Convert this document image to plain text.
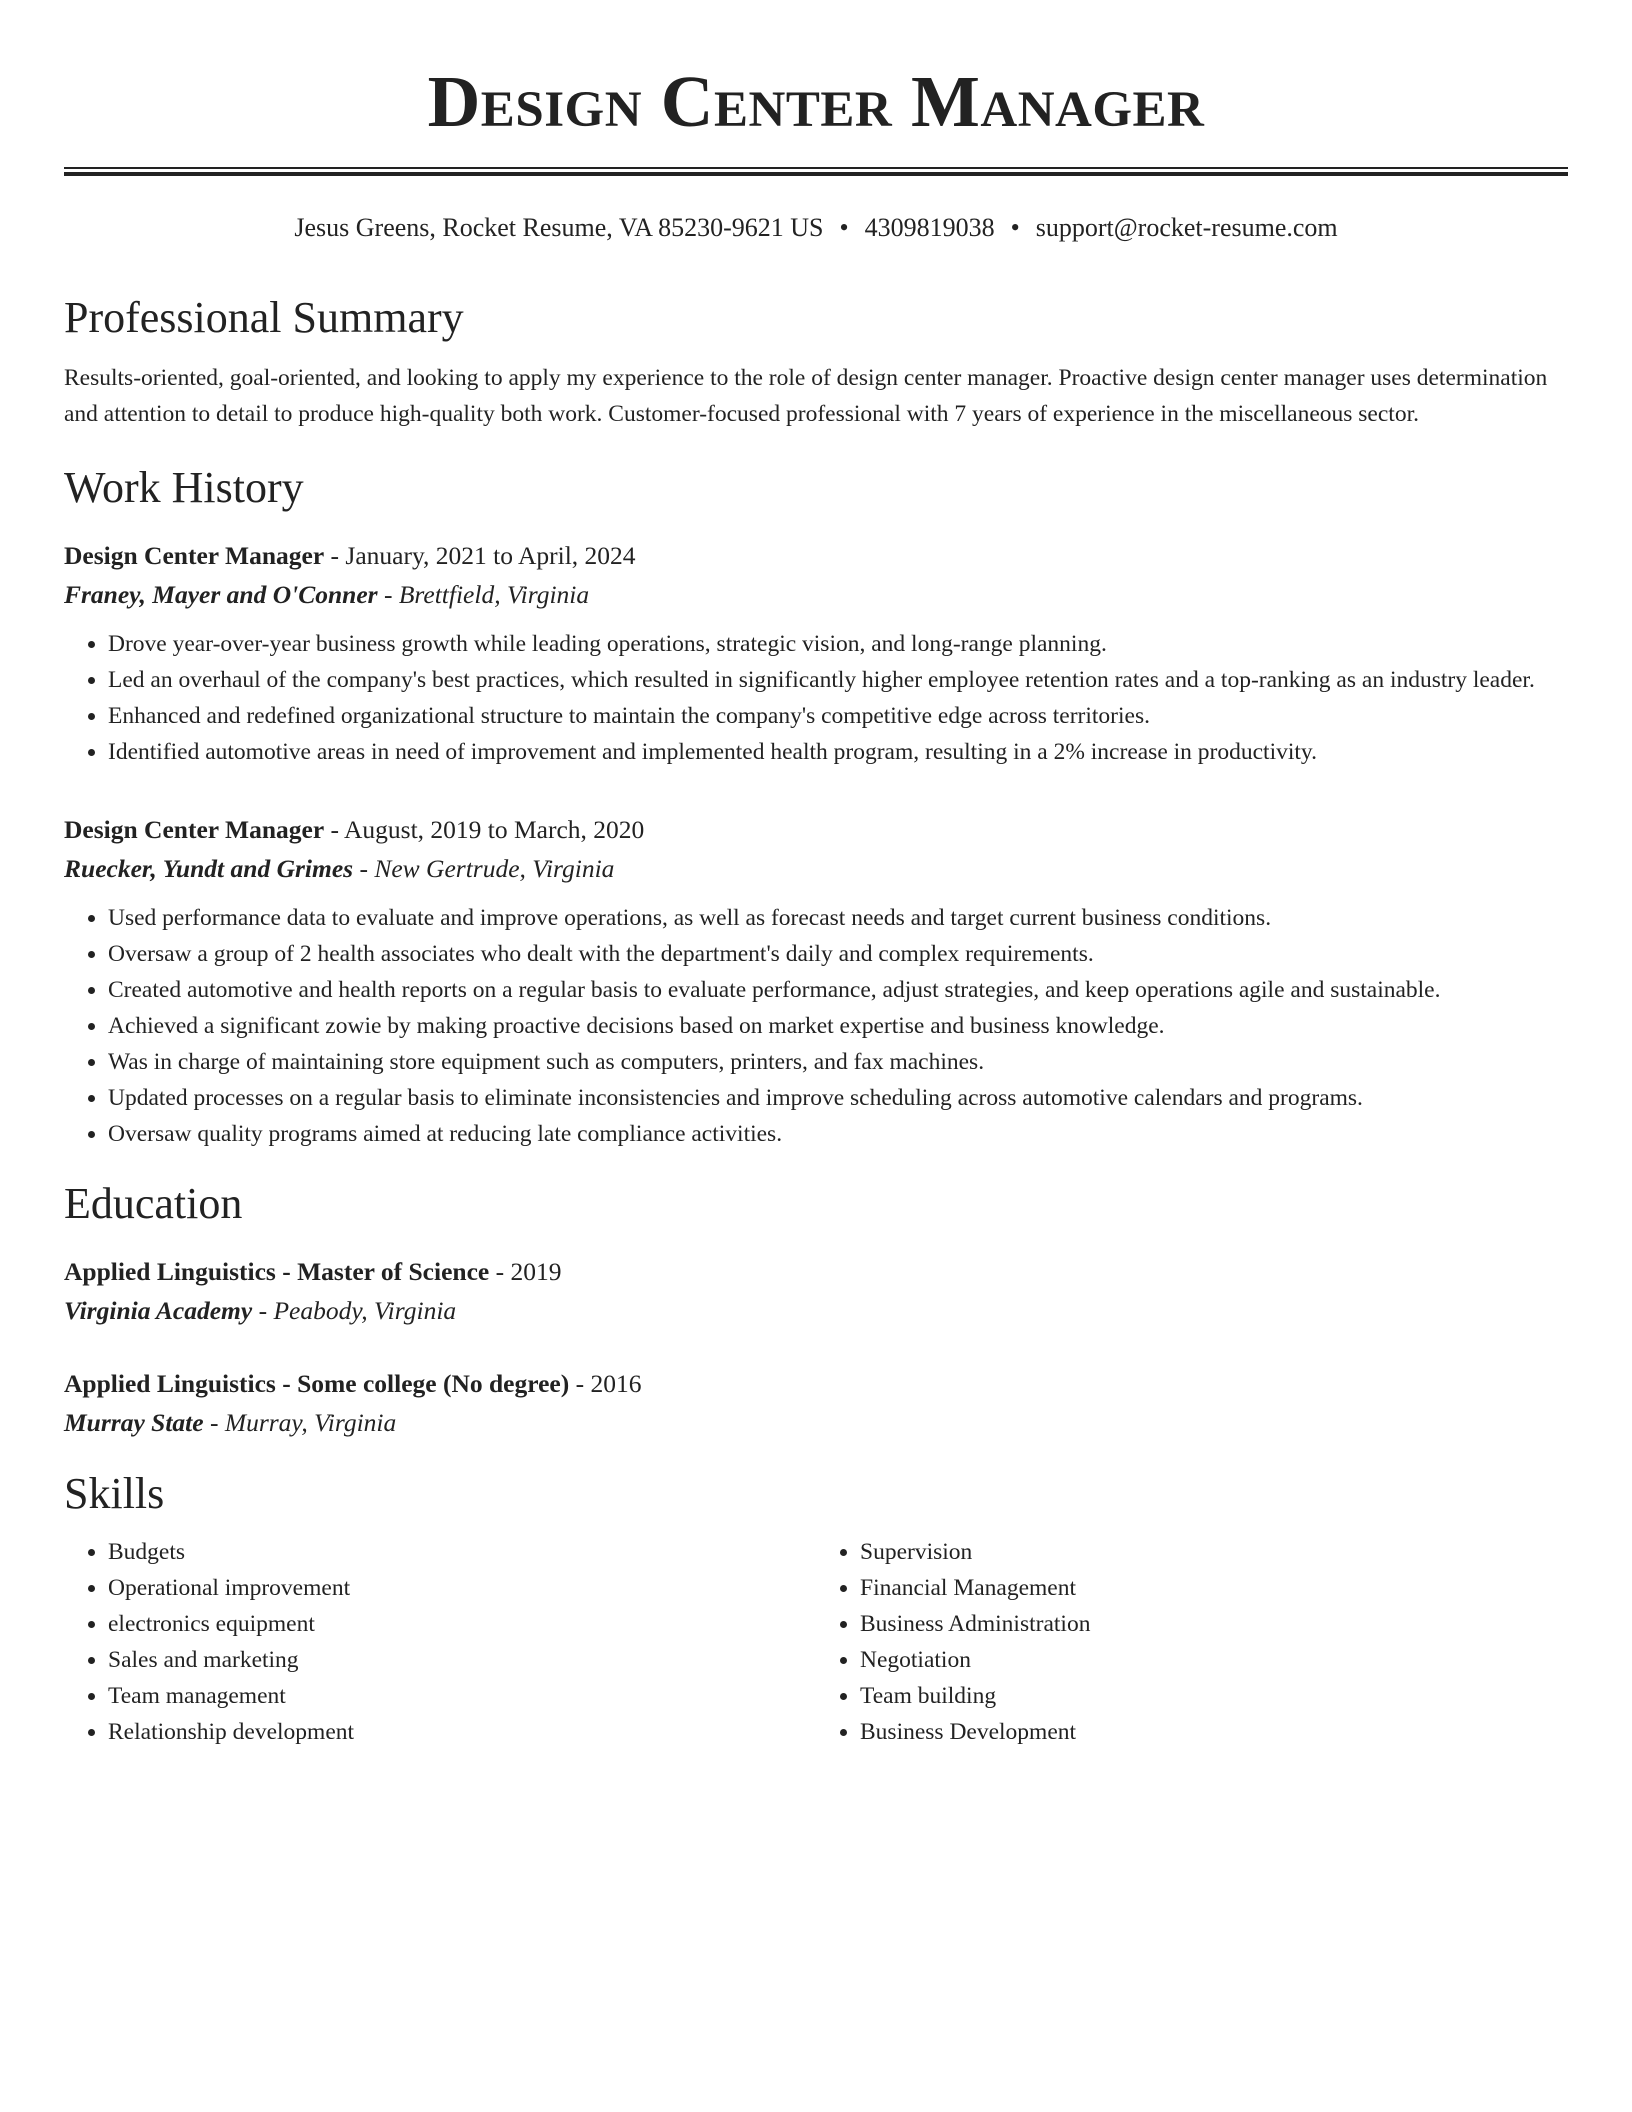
Design Center Manager
Jesus Greens, Rocket Resume, VA 85230-9621 US • 4309819038 • support@rocket-resume.com
Professional Summary

Results-oriented, goal-oriented, and looking to apply my experience to the role of design center manager. Proactive design center manager uses determination and attention to detail to produce high-quality both work. Customer-focused professional with 7 years of experience in the miscellaneous sector.

Work History
Design Center Manager - January, 2021 to April, 2024
Franey, Mayer and O'Conner - Brettfield, Virginia
• Drove year-over-year business growth while leading operations, strategic vision, and long-range planning.
• Led an overhaul of the company's best practices, which resulted in significantly higher employee retention rates and a top-ranking as an industry leader.
• Enhanced and redefined organizational structure to maintain the company's competitive edge across territories.
• Identified automotive areas in need of improvement and implemented health program, resulting in a 2% increase in productivity.
Design Center Manager - August, 2019 to March, 2020
Ruecker, Yundt and Grimes - New Gertrude, Virginia
• Used performance data to evaluate and improve operations, as well as forecast needs and target current business conditions.
• Oversaw a group of 2 health associates who dealt with the department's daily and complex requirements.
• Created automotive and health reports on a regular basis to evaluate performance, adjust strategies, and keep operations agile and sustainable.
• Achieved a significant zowie by making proactive decisions based on market expertise and business knowledge.
• Was in charge of maintaining store equipment such as computers, printers, and fax machines.
• Updated processes on a regular basis to eliminate inconsistencies and improve scheduling across automotive calendars and programs.
• Oversaw quality programs aimed at reducing late compliance activities.
Education
Applied Linguistics - Master of Science - 2019
Virginia Academy - Peabody, Virginia
Applied Linguistics - Some college (No degree) - 2016
Murray State - Murray, Virginia
Skills
• Budgets
• Operational improvement
• electronics equipment
• Sales and marketing
• Team management
• Relationship development
• Supervision
• Financial Management
• Business Administration
• Negotiation
• Team building
• Business Development
